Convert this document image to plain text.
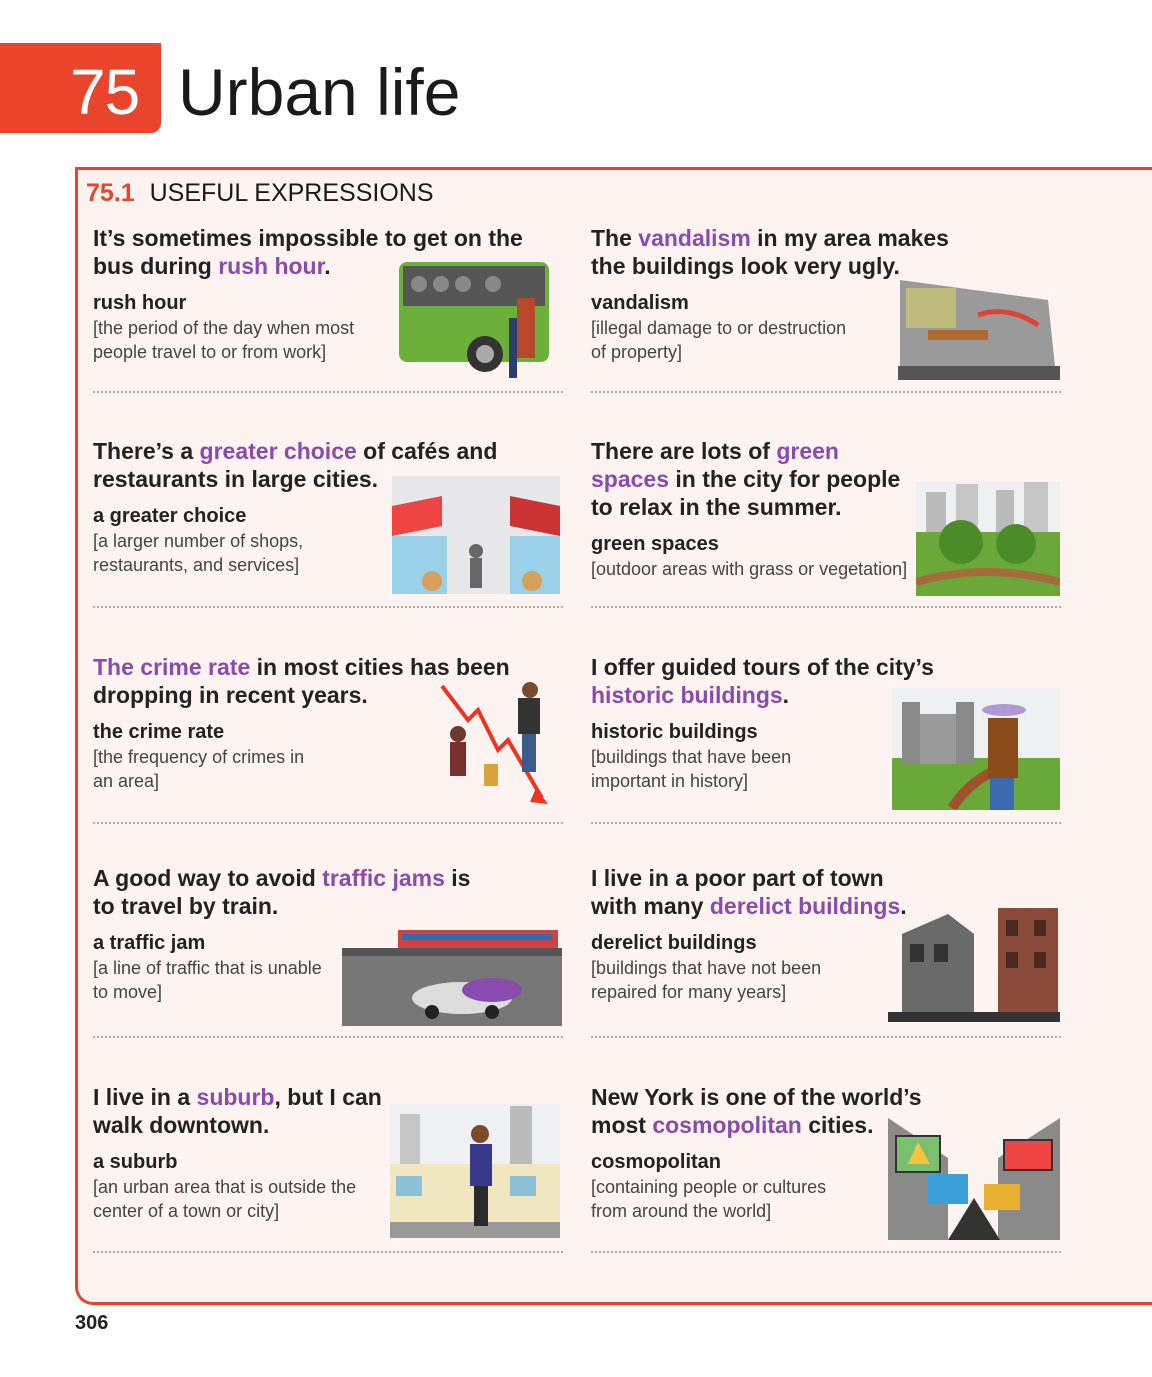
75 Urban life
75.1 USEFUL EXPRESSIONS

It’s sometimes impossible to get on the bus during rush hour.

rush hour
[the period of the day when most people travel to or from work]

The vandalism in my area makes the buildings look very ugly.

vandalism
[illegal damage to or destruction of property]

There’s a greater choice of cafés and restaurants in large cities.

a greater choice
[a larger number of shops, restaurants, and services]

There are lots of green spaces in the city for people to relax in the summer.

green spaces
[outdoor areas with grass or vegetation]

The crime rate in most cities has been dropping in recent years.

the crime rate
[the frequency of crimes in an area]

I offer guided tours of the city’s historic buildings.

historic buildings
[buildings that have been important in history]

A good way to avoid traffic jams is to travel by train.

a traffic jam
[a line of traffic that is unable to move]

I live in a poor part of town with many derelict buildings.

derelict buildings
[buildings that have not been repaired for many years]

I live in a suburb, but I can walk downtown.

a suburb
[an urban area that is outside the center of a town or city]

New York is one of the world’s most cosmopolitan cities.

cosmopolitan
[containing people or cultures from around the world]
306
